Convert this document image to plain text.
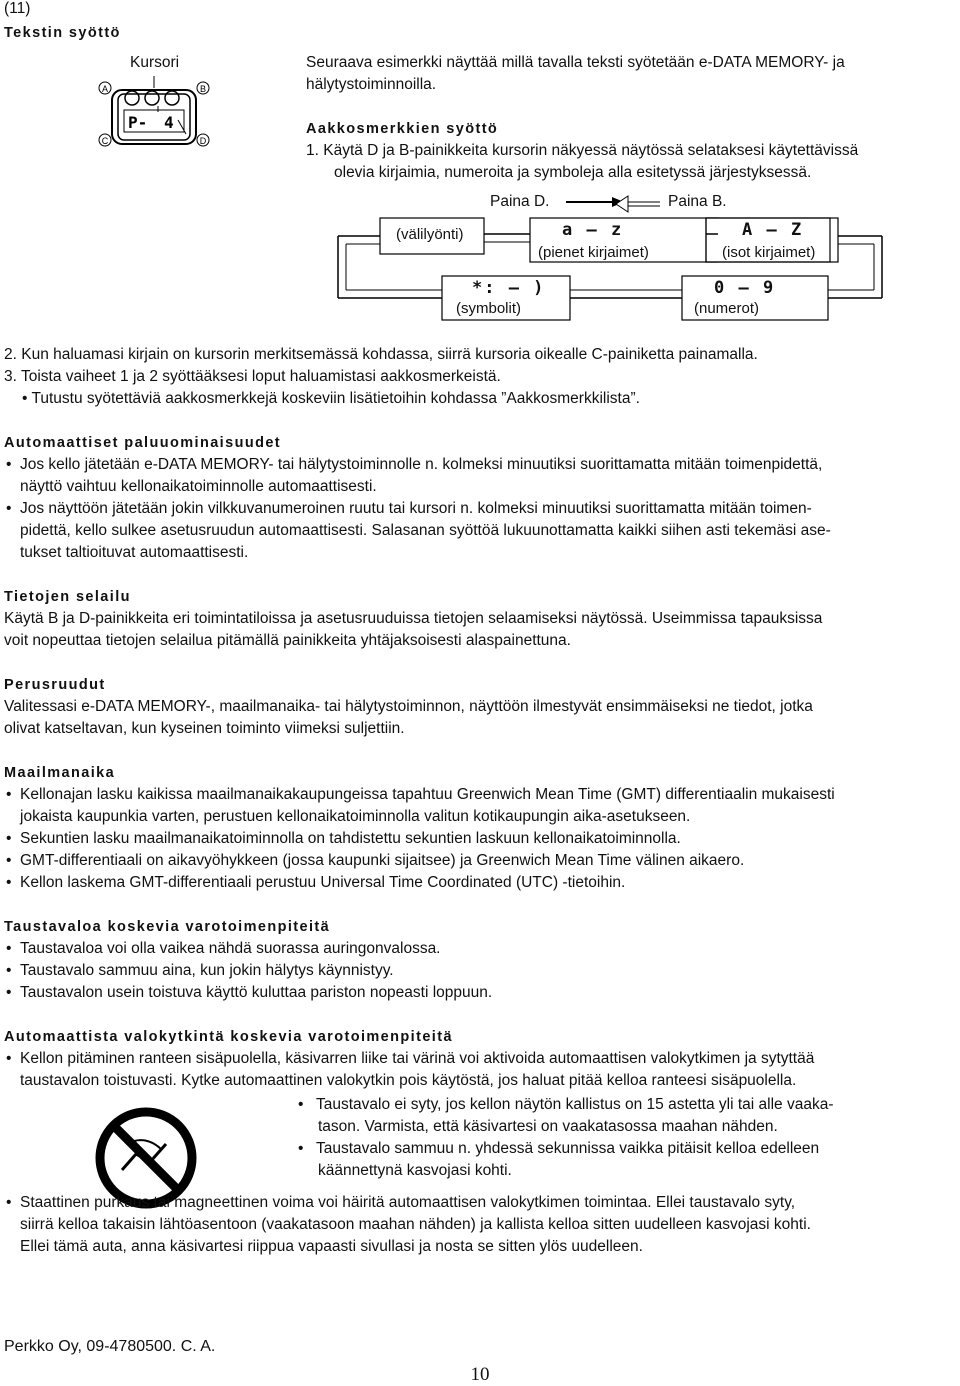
(11)
Tekstin syöttö
Kursori
P- 4
A	B
C	D
Seuraava esimerkki näyttää millä tavalla teksti syötetään e-DATA MEMORY- ja
hälytystoiminnoilla.
Aakkosmerkkien syöttö
1. Käytä D ja B-painikkeita kursorin näkyessä näytössä selataksesi käytettävissä
olevia kirjaimia, numeroita ja symboleja alla esitetyssä järjestyksessä.
Paina D.	Paina B.
(välilyönti)	a – z
(pienet kirjaimet)
A – Z
(isot kirjaimet)
*: – )
(symbolit)
0 – 9
(numerot)
2. Kun haluamasi kirjain on kursorin merkitsemässä kohdassa, siirrä kursoria oikealle C-painiketta painamalla.
3. Toista vaiheet 1 ja 2 syöttääksesi loput haluamistasi aakkosmerkeistä.
• Tutustu syötettäviä aakkosmerkkejä koskeviin lisätietoihin kohdassa ”Aakkosmerkkilista”.
Automaattiset paluuominaisuudet
• Jos kello jätetään e-DATA MEMORY- tai hälytystoiminnolle n. kolmeksi minuutiksi suorittamatta mitään toimenpidettä,
näyttö vaihtuu kellonaikatoiminnolle automaattisesti.
• Jos näyttöön jätetään jokin vilkkuvanumeroinen ruutu tai kursori n. kolmeksi minuutiksi suorittamatta mitään toimen-
pidettä, kello sulkee asetusruudun automaattisesti. Salasanan syöttöä lukuunottamatta kaikki siihen asti tekemäsi ase-
tukset taltioituvat automaattisesti.
Tietojen selailu
Käytä B ja D-painikkeita eri toimintatiloissa ja asetusruuduissa tietojen selaamiseksi näytössä. Useimmissa tapauksissa
voit nopeuttaa tietojen selailua pitämällä painikkeita yhtäjaksoisesti alaspainettuna.
Perusruudut
Valitessasi e-DATA MEMORY-, maailmanaika- tai hälytystoiminnon, näyttöön ilmestyvät ensimmäiseksi ne tiedot, jotka
olivat katseltavan, kun kyseinen toiminto viimeksi suljettiin.
Maailmanaika
• Kellonajan lasku kaikissa maailmanaikakaupungeissa tapahtuu Greenwich Mean Time (GMT) differentiaalin mukaisesti
jokaista kaupunkia varten, perustuen kellonaikatoiminnolla valitun kotikaupungin aika-asetukseen.
• Sekuntien lasku maailmanaikatoiminnolla on tahdistettu sekuntien laskuun kellonaikatoiminnolla.
• GMT-differentiaali on aikavyöhykkeen (jossa kaupunki sijaitsee) ja Greenwich Mean Time välinen aikaero.
• Kellon laskema GMT-differentiaali perustuu Universal Time Coordinated (UTC) -tietoihin.
Taustavaloa koskevia varotoimenpiteitä
• Taustavaloa voi olla vaikea nähdä suorassa auringonvalossa.
• Taustavalo sammuu aina, kun jokin hälytys käynnistyy.
• Taustavalon usein toistuva käyttö kuluttaa pariston nopeasti loppuun.
Automaattista valokytkintä koskevia varotoimenpiteitä
• Kellon pitäminen ranteen sisäpuolella, käsivarren liike tai värinä voi aktivoida automaattisen valokytkimen ja sytyttää
taustavalon toistuvasti. Kytke automaattinen valokytkin pois käytöstä, jos haluat pitää kelloa ranteesi sisäpuolella.
• Taustavalo ei syty, jos kellon näytön kallistus on 15 astetta yli tai alle vaaka-
tason. Varmista, että käsivartesi on vaakatasossa maahan nähden.
• Taustavalo sammuu n. yhdessä sekunnissa vaikka pitäisit kelloa edelleen
käännettynä kasvojasi kohti.
• Staattinen purkaus tai magneettinen voima voi häiritä automaattisen valokytkimen toimintaa. Ellei taustavalo syty,
siirrä kelloa takaisin lähtöasentoon (vaakatasoon maahan nähden) ja kallista kelloa sitten uudelleen kasvojasi kohti.
Ellei tämä auta, anna käsivartesi riippua vapaasti sivullasi ja nosta se sitten ylös uudelleen.
Perkko Oy, 09-4780500. C. A.
10
